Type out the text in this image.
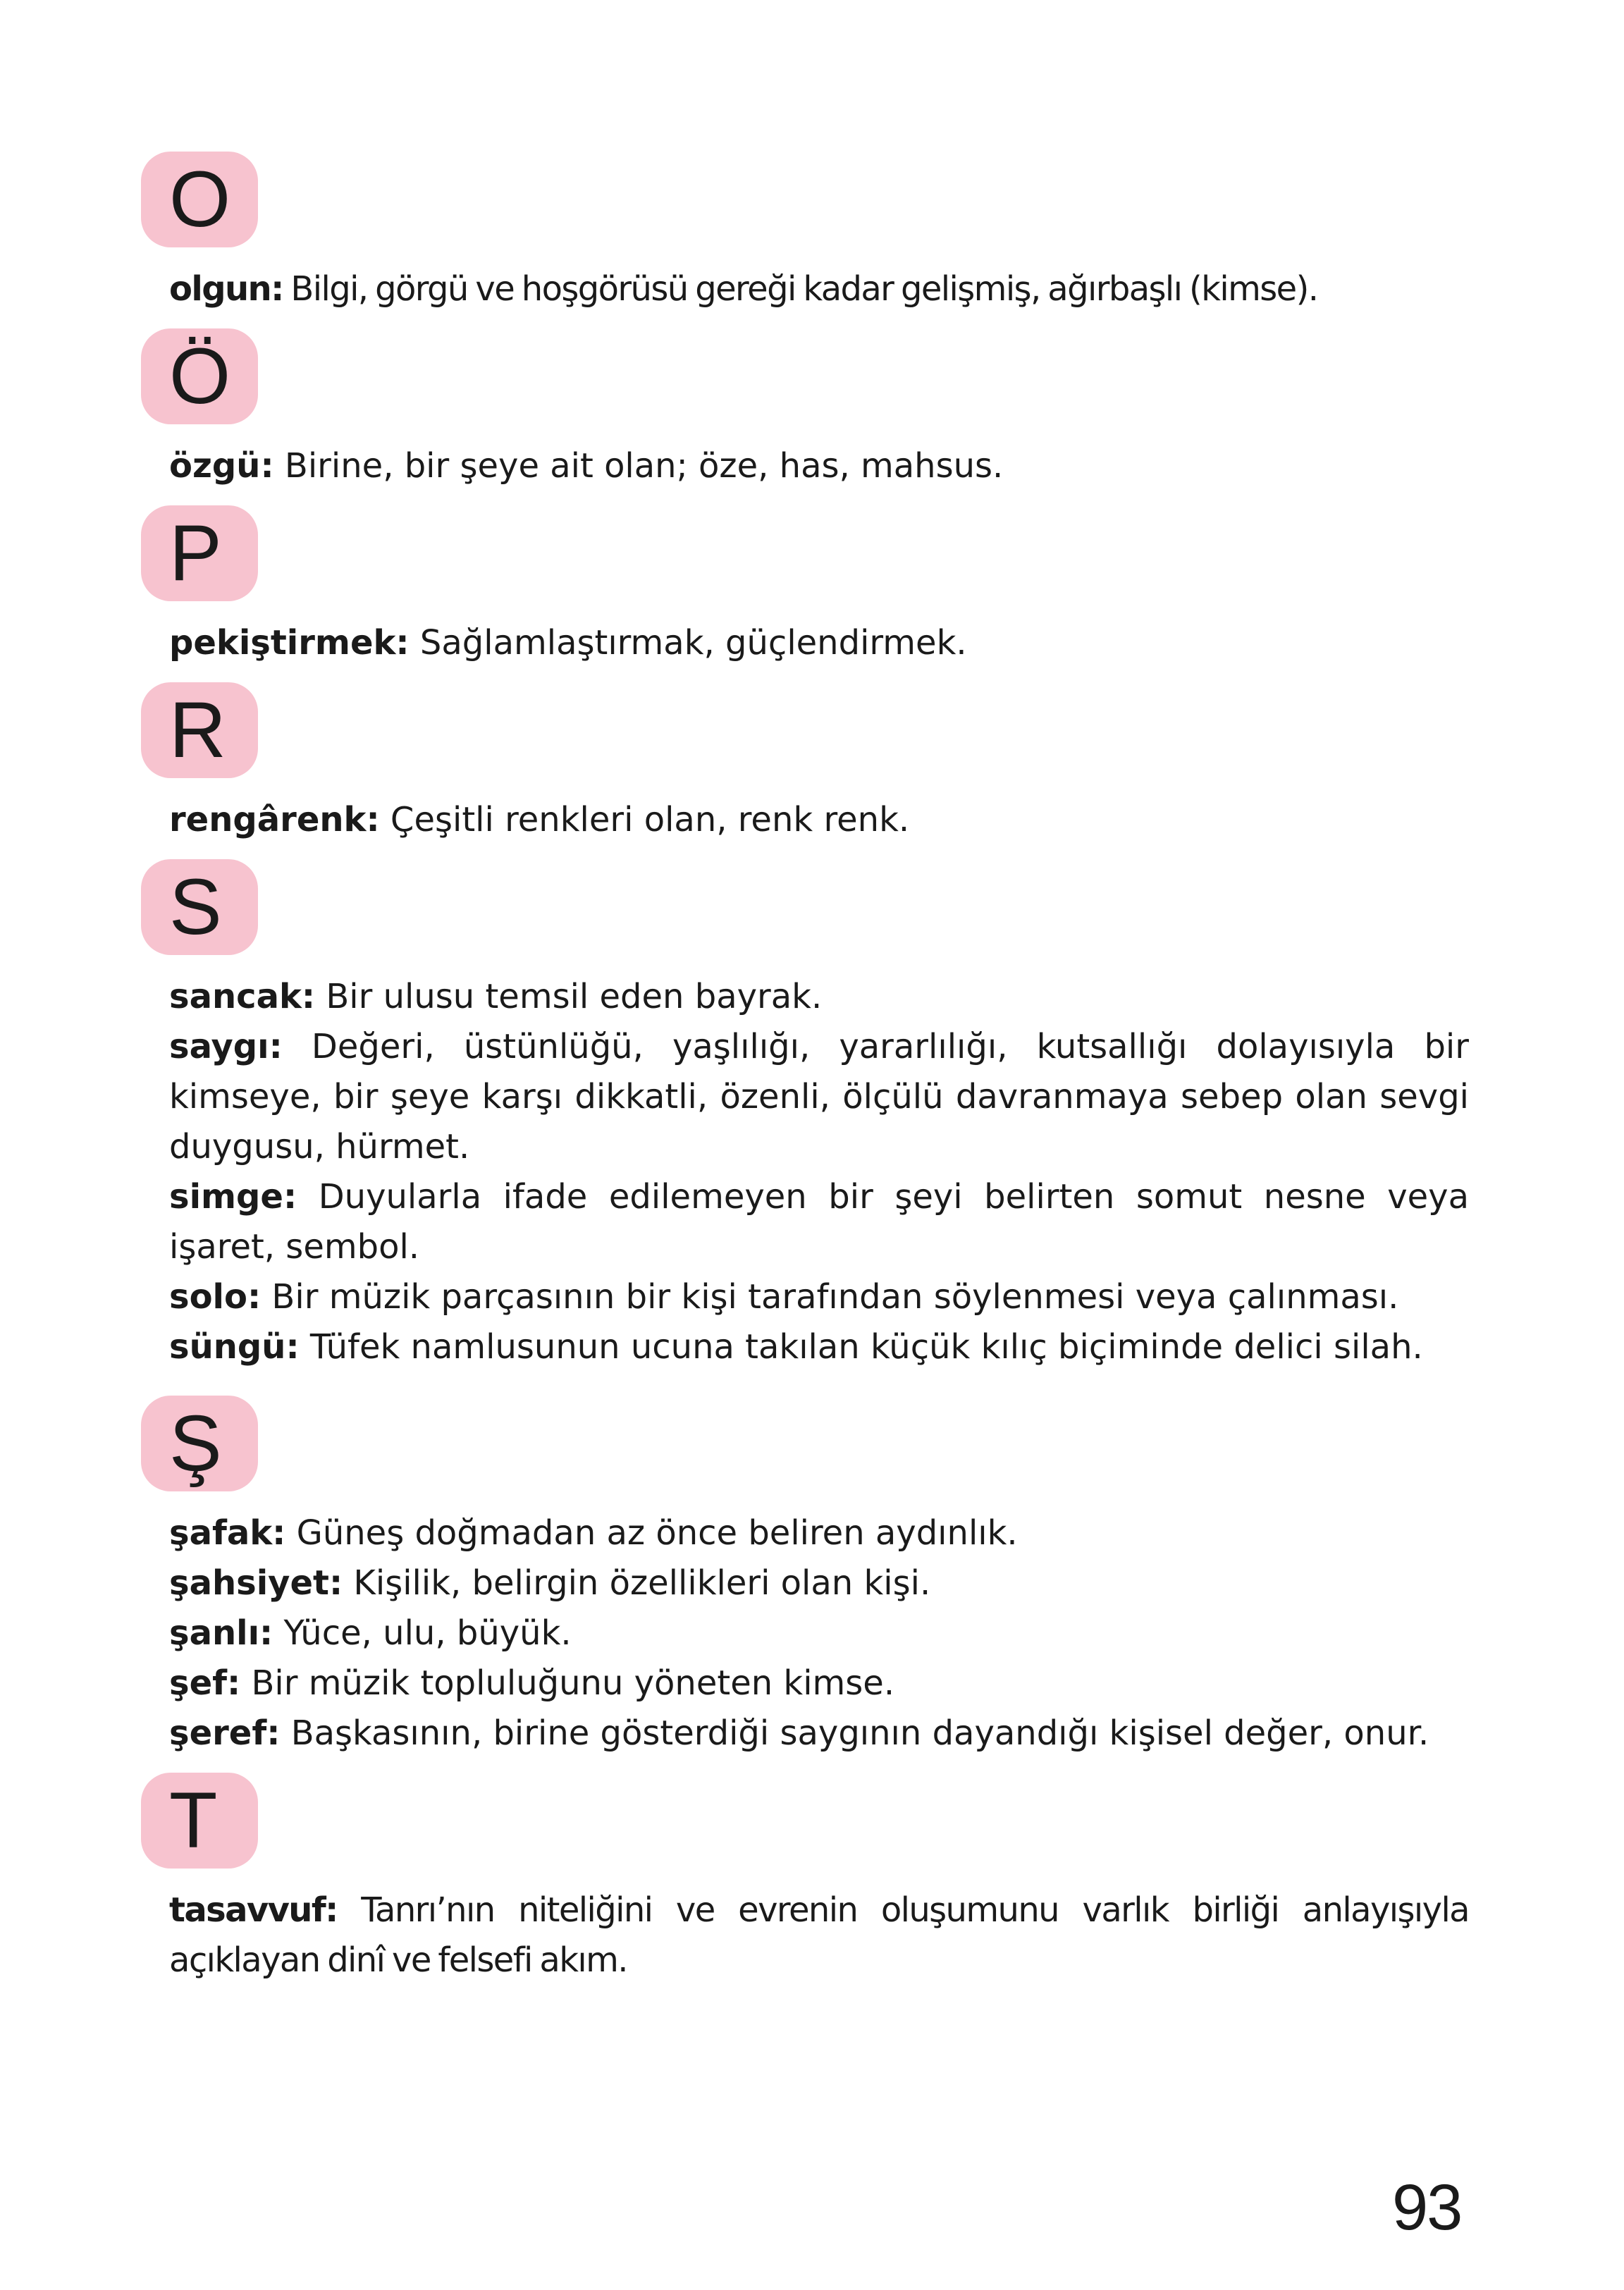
O
olgun: Bilgi, görgü ve hoşgörüsü gereği kadar gelişmiş, ağırbaşlı (kimse).
Ö
özgü: Birine, bir şeye ait olan; öze, has, mahsus.
P
pekiştirmek: Sağlamlaştırmak, güçlendirmek.
R
rengârenk: Çeşitli renkleri olan, renk renk.
S
sancak: Bir ulusu temsil eden bayrak.
saygı: Değeri, üstünlüğü, yaşlılığı, yararlılığı, kutsallığı dolayısıyla bir kimseye, bir şeye karşı dikkatli, özenli, ölçülü davranmaya sebep olan sevgi duygusu, hürmet.
simge: Duyularla ifade edilemeyen bir şeyi belirten somut nesne veya işaret, sembol.
solo: Bir müzik parçasının bir kişi tarafından söylenmesi veya çalınması.
süngü: Tüfek namlusunun ucuna takılan küçük kılıç biçiminde delici silah.
Ş
şafak: Güneş doğmadan az önce beliren aydınlık.
şahsiyet: Kişilik, belirgin özellikleri olan kişi.
şanlı: Yüce, ulu, büyük.
şef: Bir müzik topluluğunu yöneten kimse.
şeref: Başkasının, birine gösterdiği saygının dayandığı kişisel değer, onur.
T
tasavvuf: Tanrı’nın niteliğini ve evrenin oluşumunu varlık birliği anlayışıyla açıklayan dinî ve felsefi akım.
93
